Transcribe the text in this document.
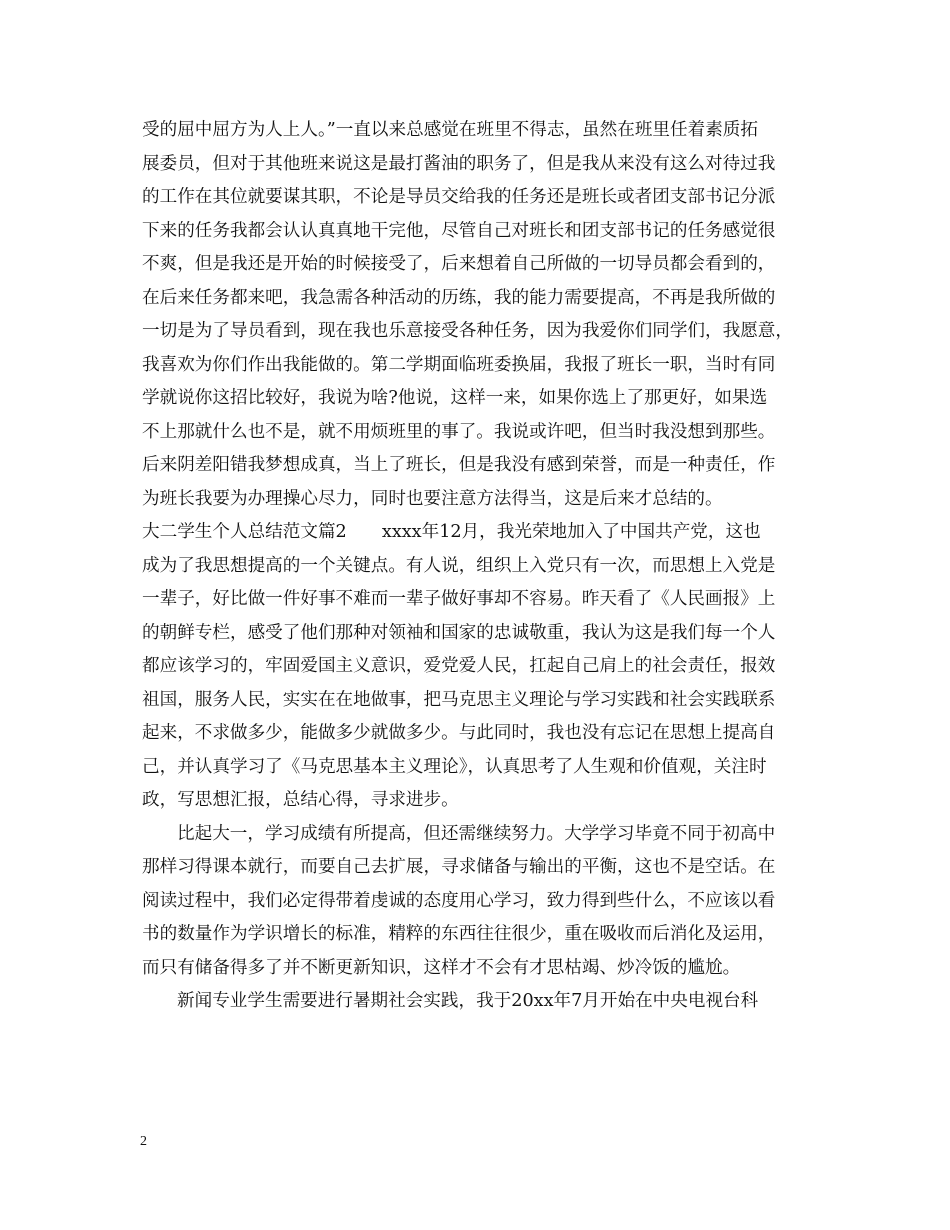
受的屈中屈方为人上人。”一直以来总感觉在班里不得志，虽然在班里任着素质拓
展委员，但对于其他班来说这是最打酱油的职务了，但是我从来没有这么对待过我
的工作在其位就要谋其职，不论是导员交给我的任务还是班长或者团支部书记分派
下来的任务我都会认认真真地干完他，尽管自己对班长和团支部书记的任务感觉很
不爽，但是我还是开始的时候接受了，后来想着自己所做的一切导员都会看到的，
在后来任务都来吧，我急需各种活动的历练，我的能力需要提高，不再是我所做的
一切是为了导员看到，现在我也乐意接受各种任务，因为我爱你们同学们，我愿意，
我喜欢为你们作出我能做的。第二学期面临班委换届，我报了班长一职，当时有同
学就说你这招比较好，我说为啥?他说，这样一来，如果你选上了那更好，如果选
不上那就什么也不是，就不用烦班里的事了。我说或许吧，但当时我没想到那些。
后来阴差阳错我梦想成真，当上了班长，但是我没有感到荣誉，而是一种责任，作
为班长我要为办理操心尽力，同时也要注意方法得当，这是后来才总结的。
大二学生个人总结范文篇2　　xxxx年12月，我光荣地加入了中国共产党，这也
成为了我思想提高的一个关键点。有人说，组织上入党只有一次，而思想上入党是
一辈子，好比做一件好事不难而一辈子做好事却不容易。昨天看了《人民画报》上
的朝鲜专栏，感受了他们那种对领袖和国家的忠诚敬重，我认为这是我们每一个人
都应该学习的，牢固爱国主义意识，爱党爱人民，扛起自己肩上的社会责任，报效
祖国，服务人民，实实在在地做事，把马克思主义理论与学习实践和社会实践联系
起来，不求做多少，能做多少就做多少。与此同时，我也没有忘记在思想上提高自
己，并认真学习了《马克思基本主义理论》，认真思考了人生观和价值观，关注时
政，写思想汇报，总结心得，寻求进步。
比起大一，学习成绩有所提高，但还需继续努力。大学学习毕竟不同于初高中
那样习得课本就行，而要自己去扩展，寻求储备与输出的平衡，这也不是空话。在
阅读过程中，我们必定得带着虔诚的态度用心学习，致力得到些什么，不应该以看
书的数量作为学识增长的标准，精粹的东西往往很少，重在吸收而后消化及运用，
而只有储备得多了并不断更新知识，这样才不会有才思枯竭、炒冷饭的尴尬。
新闻专业学生需要进行暑期社会实践，我于20xx年7月开始在中央电视台科
2
